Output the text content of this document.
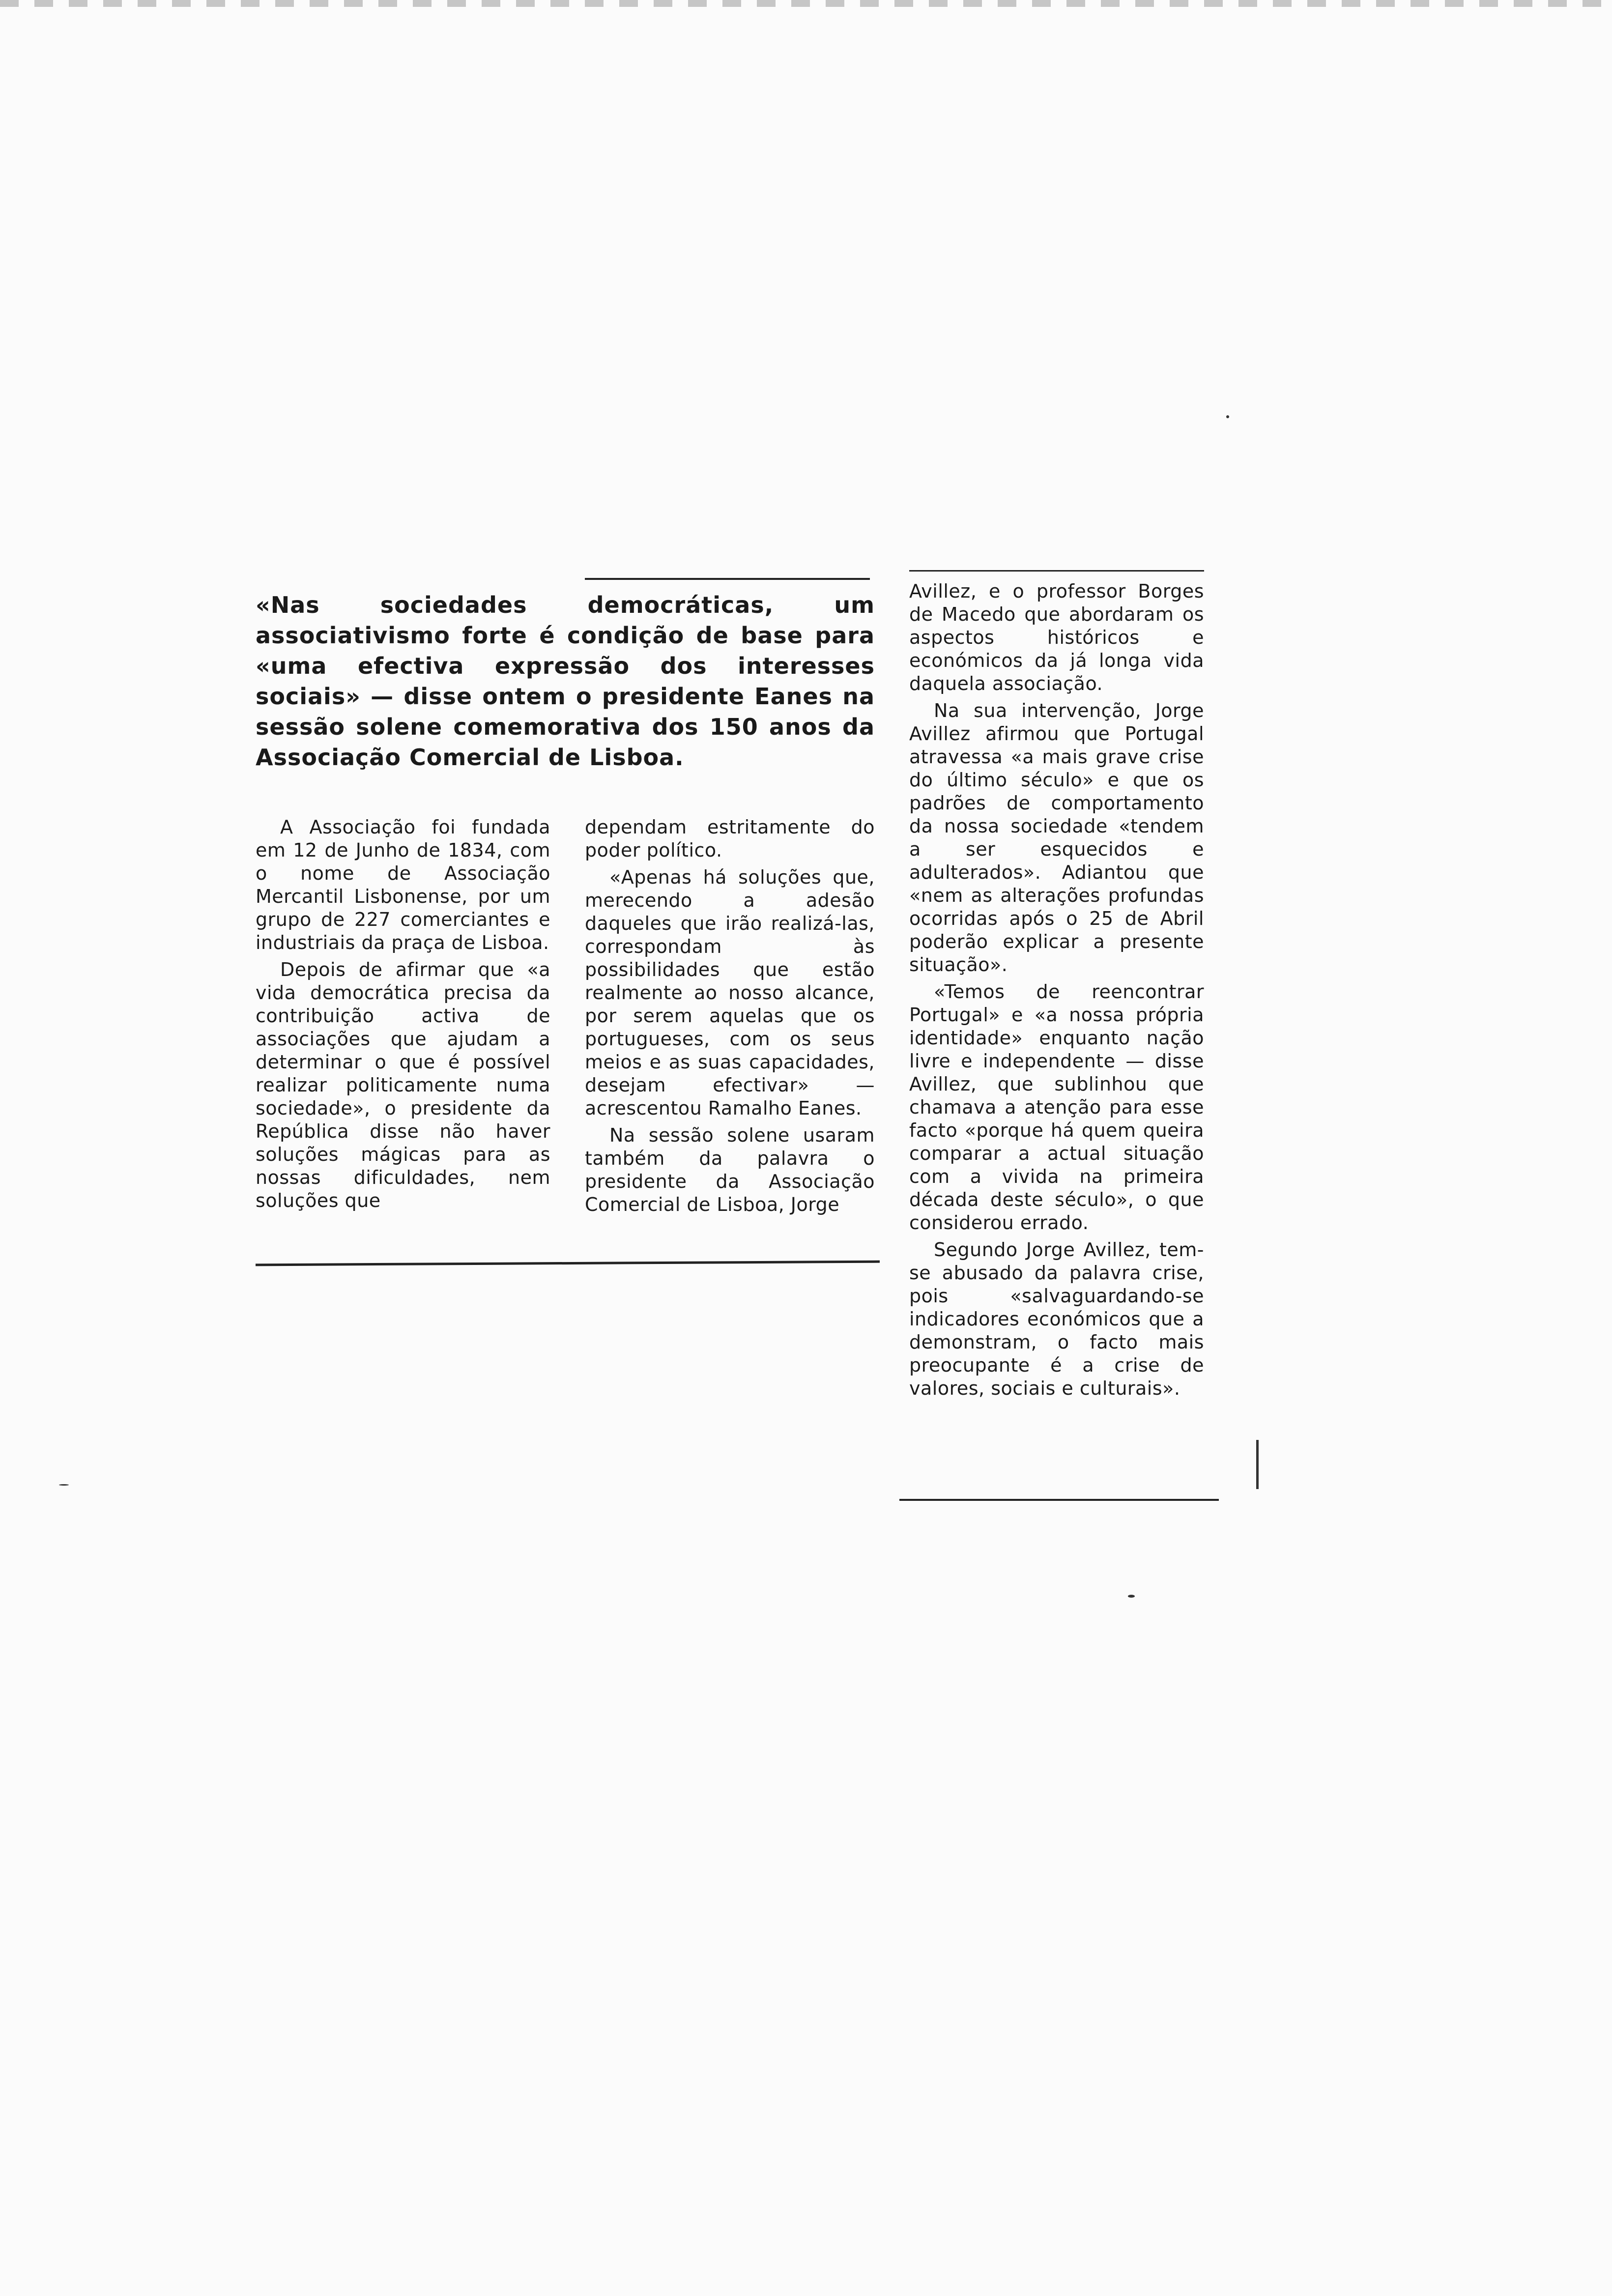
«Nas sociedades democráticas, um associativismo forte é condição de base para «uma efectiva expressão dos interesses sociais» — disse ontem o presidente Eanes na sessão solene comemorativa dos 150 anos da Associação Comercial de Lisboa.

A Associação foi fundada em 12 de Junho de 1834, com o nome de Associação Mercantil Lisbonense, por um grupo de 227 comerciantes e industriais da praça de Lisboa.

Depois de afirmar que «a vida democrática precisa da contribuição activa de associações que ajudam a determinar o que é possível realizar politicamente numa sociedade», o presidente da República disse não haver soluções mágicas para as nossas dificuldades, nem soluções que

dependam estritamente do poder político.

«Apenas há soluções que, merecendo a adesão daqueles que irão realizá-las, correspondam às possibilidades que estão realmente ao nosso alcance, por serem aquelas que os portugueses, com os seus meios e as suas capacidades, desejam efectivar» — acrescentou Ramalho Eanes.

Na sessão solene usaram também da palavra o presidente da Associação Comercial de Lisboa, Jorge

Avillez, e o professor Borges de Macedo que abordaram os aspectos históricos e económicos da já longa vida daquela associação.

Na sua intervenção, Jorge Avillez afirmou que Portugal atravessa «a mais grave crise do último século» e que os padrões de comportamento da nossa sociedade «tendem a ser esquecidos e adulterados». Adiantou que «nem as alterações profundas ocorridas após o 25 de Abril poderão explicar a presente situação».

«Temos de reencontrar Portugal» e «a nossa própria identidade» enquanto nação livre e independente — disse Avillez, que sublinhou que chamava a atenção para esse facto «porque há quem queira comparar a actual situação com a vivida na primeira década deste século», o que considerou errado.

Segundo Jorge Avillez, tem-se abusado da palavra crise, pois «salvaguardando-se indicadores económicos que a demonstram, o facto mais preocupante é a crise de valores, sociais e culturais».
